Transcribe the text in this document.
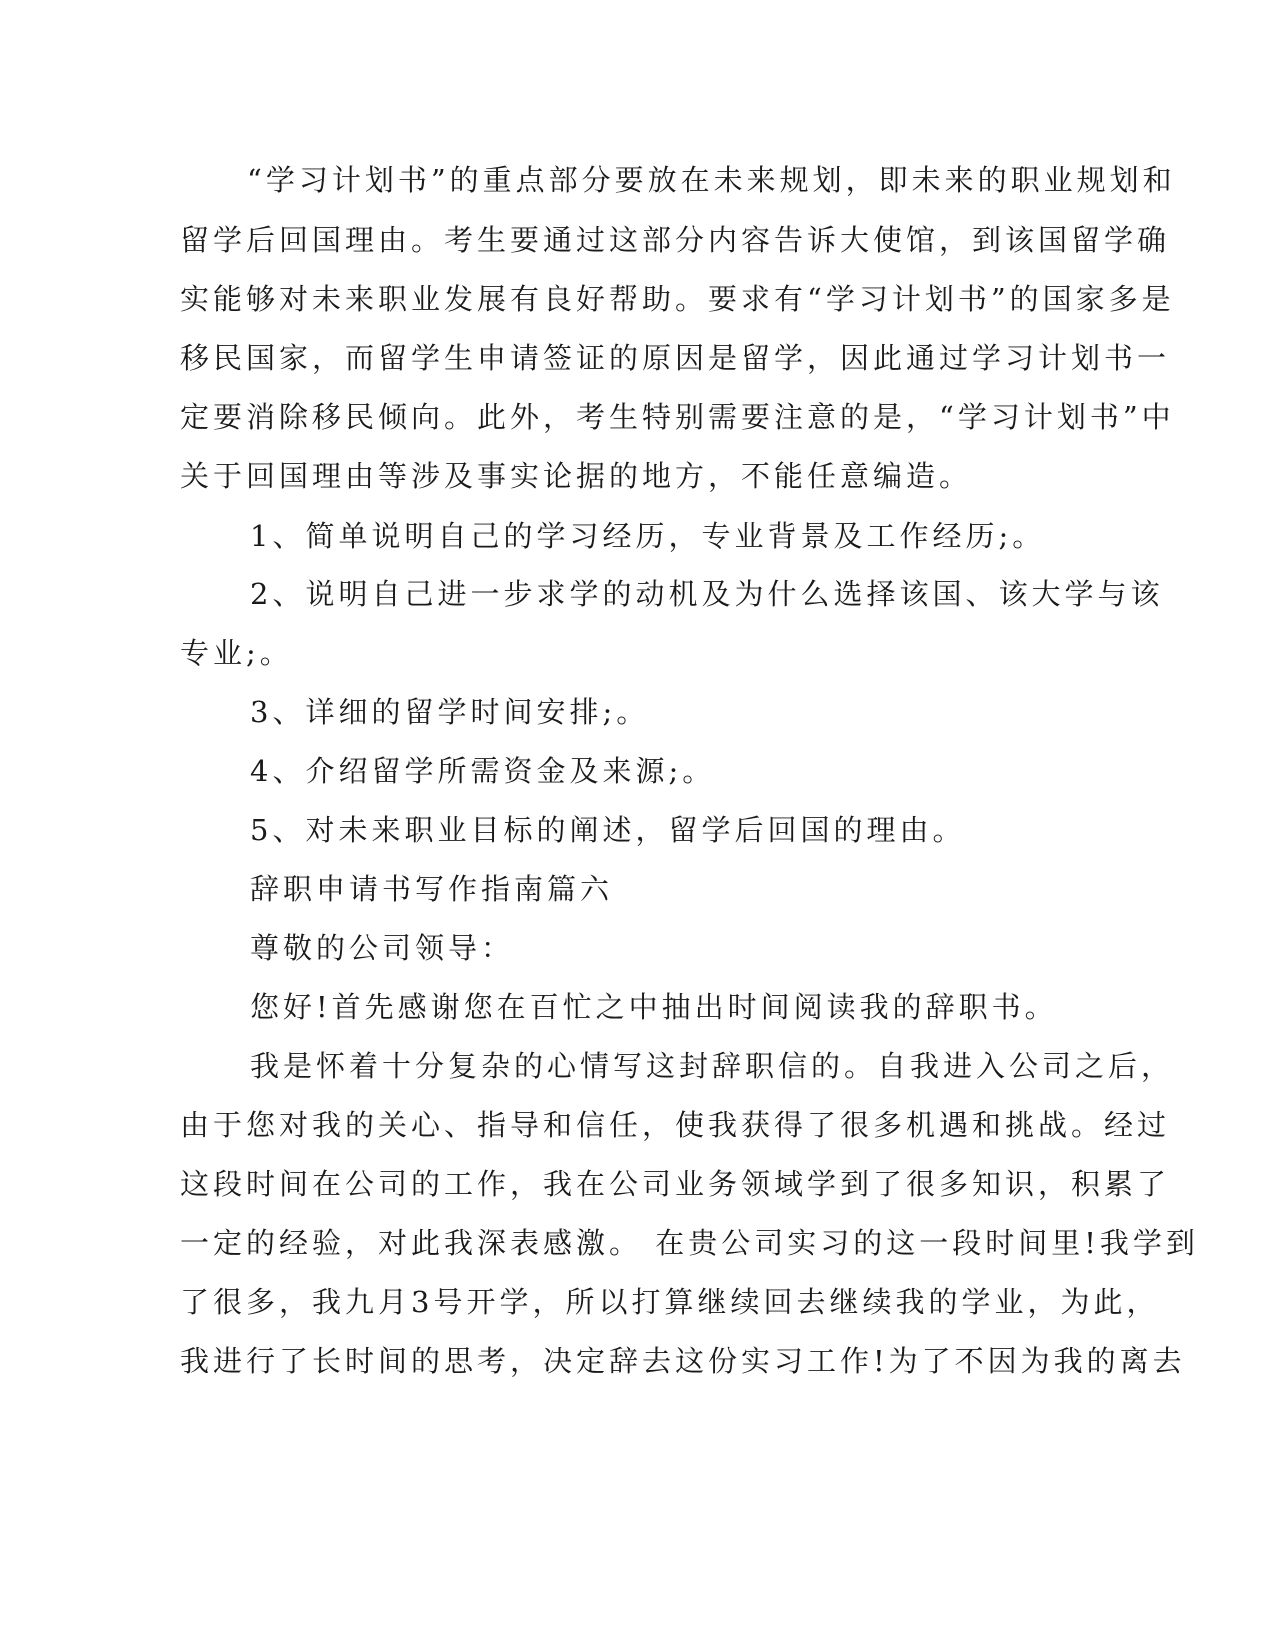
“学习计划书”的重点部分要放在未来规划，即未来的职业规划和
留学后回国理由。考生要通过这部分内容告诉大使馆，到该国留学确
实能够对未来职业发展有良好帮助。要求有“学习计划书”的国家多是
移民国家，而留学生申请签证的原因是留学，因此通过学习计划书一
定要消除移民倾向。此外，考生特别需要注意的是，“学习计划书”中
关于回国理由等涉及事实论据的地方，不能任意编造。
1、简单说明自己的学习经历，专业背景及工作经历;。
2、说明自己进一步求学的动机及为什么选择该国、该大学与该
专业;。
3、详细的留学时间安排;。
4、介绍留学所需资金及来源;。
5、对未来职业目标的阐述，留学后回国的理由。
辞职申请书写作指南篇六
尊敬的公司领导：
您好!首先感谢您在百忙之中抽出时间阅读我的辞职书。
我是怀着十分复杂的心情写这封辞职信的。自我进入公司之后，
由于您对我的关心、指导和信任，使我获得了很多机遇和挑战。经过
这段时间在公司的工作，我在公司业务领域学到了很多知识，积累了
一定的经验，对此我深表感激。 在贵公司实习的这一段时间里!我学到
了很多，我九月3号开学，所以打算继续回去继续我的学业，为此，
我进行了长时间的思考，决定辞去这份实习工作!为了不因为我的离去
